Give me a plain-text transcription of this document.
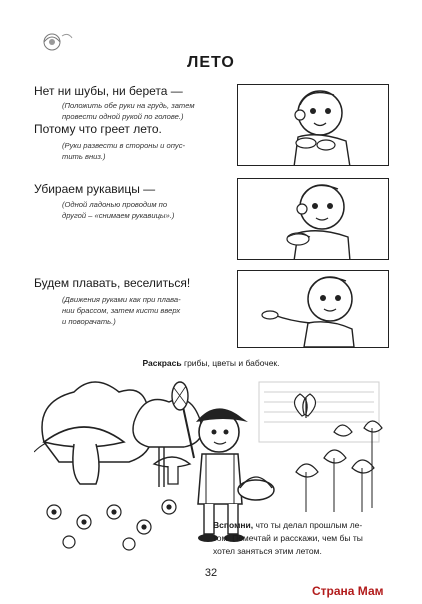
ЛЕТО
Нет ни шубы, ни берета —
(Положить обе руки на грудь, затем
провести одной рукой по голове.)
Потому что греет лето.
(Руки развести в стороны и опус-
тить вниз.)
Убираем рукавицы —
(Одной ладонью проводим по
другой – «снимаем рукавицы».)
Будем плавать, веселиться!
(Движения руками как при плава-
нии брассом, затем кисти вверх
и поворачать.)
Раскрась грибы, цветы и бабочек.
Вспомни, что ты делал прошлым ле-
том. Помечтай и расскажи, чем бы ты
хотел заняться этим летом.
32
Страна Мам
